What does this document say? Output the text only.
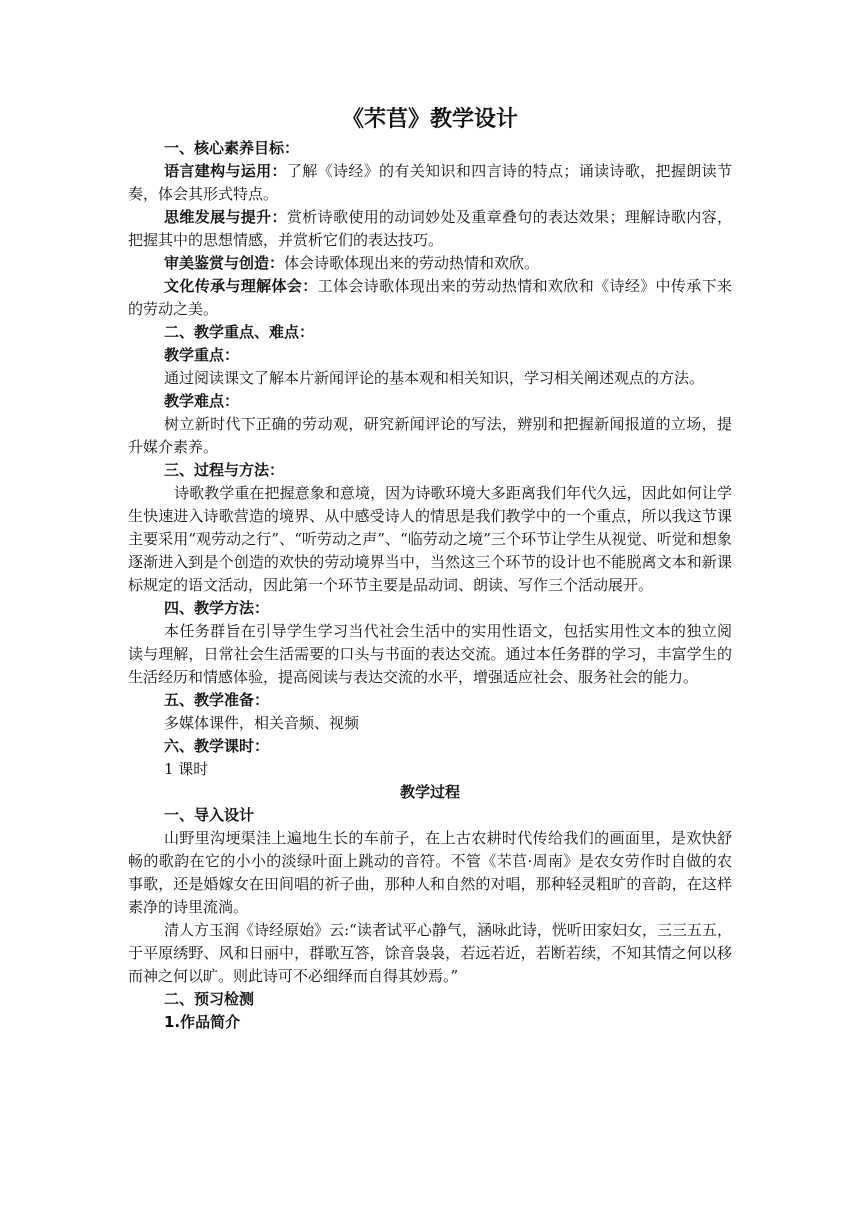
《芣苢》教学设计

一、核心素养目标：

语言建构与运用：了解《诗经》的有关知识和四言诗的特点；诵读诗歌，把握朗读节奏，体会其形式特点。

思维发展与提升：赏析诗歌使用的动词妙处及重章叠句的表达效果；理解诗歌内容，把握其中的思想情感，并赏析它们的表达技巧。

审美鉴赏与创造：体会诗歌体现出来的劳动热情和欢欣。

文化传承与理解体会：工体会诗歌体现出来的劳动热情和欢欣和《诗经》中传承下来的劳动之美。

二、教学重点、难点：

教学重点：

通过阅读课文了解本片新闻评论的基本观和相关知识，学习相关阐述观点的方法。

教学难点：

树立新时代下正确的劳动观，研究新闻评论的写法，辨别和把握新闻报道的立场，提升媒介素养。

三、过程与方法：

诗歌教学重在把握意象和意境，因为诗歌环境大多距离我们年代久远，因此如何让学生快速进入诗歌营造的境界、从中感受诗人的情思是我们教学中的一个重点，所以我这节课主要采用“观劳动之行”、“听劳动之声”、“临劳动之境”三个环节让学生从视觉、听觉和想象逐渐进入到是个创造的欢快的劳动境界当中，当然这三个环节的设计也不能脱离文本和新课标规定的语文活动，因此第一个环节主要是品动词、朗读、写作三个活动展开。

四、教学方法：

本任务群旨在引导学生学习当代社会生活中的实用性语文，包括实用性文本的独立阅读与理解，日常社会生活需要的口头与书面的表达交流。通过本任务群的学习，丰富学生的生活经历和情感体验，提高阅读与表达交流的水平，增强适应社会、服务社会的能力。

五、教学准备：

多媒体课件，相关音频、视频

六、教学课时：

1 课时

教学过程

一、导入设计

山野里沟埂渠洼上遍地生长的车前子，在上古农耕时代传给我们的画面里，是欢快舒畅的歌韵在它的小小的淡绿叶面上跳动的音符。不管《芣苢·周南》是农女劳作时自做的农事歌，还是婚嫁女在田间唱的祈子曲，那种人和自然的对唱，那种轻灵粗旷的音韵，在这样素净的诗里流淌。

清人方玉润《诗经原始》云:“读者试平心静气，涵咏此诗，恍听田家妇女，三三五五，于平原绣野、风和日丽中，群歌互答，馀音袅袅，若远若近，若断若续，不知其情之何以移而神之何以旷。则此诗可不必细绎而自得其妙焉。”

二、预习检测

1.作品简介
